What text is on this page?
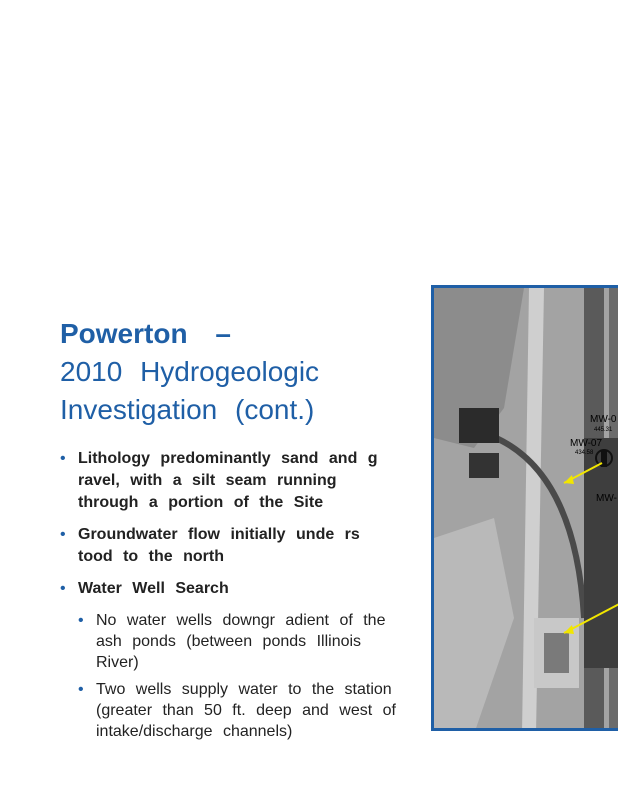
Powerton –
2010 Hydrogeologic
Investigation (cont.)
• Lithology predominantly sand and g ravel, with a silt seam running through a portion of the Site
• Groundwater flow initially unde rs tood to the north
• Water Well Search
• No water wells downgr adient of the ash ponds (between ponds Illinois River)
• Two wells supply water to the station (greater than 50 ft. deep and west of intake/discharge channels)
MW-0
445.31
MW-07
434.58
MW-
